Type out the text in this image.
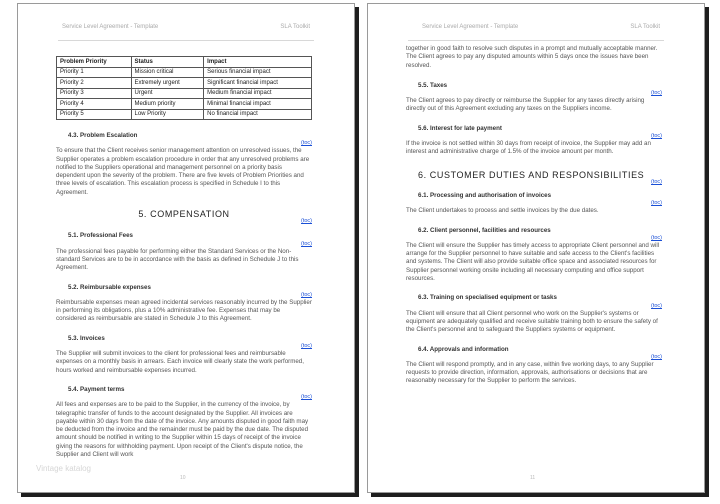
Service Level Agreement - Template	SLA Toolkit
Problem Priority	Status	Impact
Priority 1	Mission critical	Serious financial impact
Priority 2	Extremely urgent	Significant financial impact
Priority 3	Urgent	Medium financial impact
Priority 4	Medium priority	Minimal financial impact
Priority 5	Low Priority	No financial impact
4.3. Problem Escalation
(toc)

To ensure that the Client receives senior management attention on unresolved issues, the Supplier operates a problem escalation procedure in order that any unresolved problems are notified to the Suppliers operational and management personnel on a priority basis dependent upon the severity of the problem. There are five levels of Problem Priorities and three levels of escalation. This escalation process is specified in Schedule I to this Agreement.

5. COMPENSATION
(toc)
5.1. Professional Fees
(toc)

The professional fees payable for performing either the Standard Services or the Non-standard Services are to be in accordance with the basis as defined in Schedule J to this Agreement.

5.2. Reimbursable expenses
(toc)

Reimbursable expenses mean agreed incidental services reasonably incurred by the Supplier in performing its obligations, plus a 10% administrative fee. Expenses that may be considered as reimbursable are stated in Schedule J to this Agreement.

5.3. Invoices
(toc)

The Supplier will submit invoices to the client for professional fees and reimbursable expenses on a monthly basis in arrears. Each invoice will clearly state the work performed, hours worked and reimbursable expenses incurred.

5.4. Payment terms
(toc)

All fees and expenses are to be paid to the Supplier, in the currency of the invoice, by telegraphic transfer of funds to the account designated by the Supplier. All invoices are payable within 30 days from the date of the invoice. Any amounts disputed in good faith may be deducted from the invoice and the remainder must be paid by the due date. The disputed amount should be notified in writing to the Supplier within 15 days of receipt of the invoice giving the reasons for withholding payment. Upon receipt of the Client's dispute notice, the Supplier and Client will work

Vintage katalog
10
Service Level Agreement - Template	SLA Toolkit

together in good faith to resolve such disputes in a prompt and mutually acceptable manner. The Client agrees to pay any disputed amounts within 5 days once the issues have been resolved.

5.5. Taxes
(toc)

The Client agrees to pay directly or reimburse the Supplier for any taxes directly arising directly out of this Agreement excluding any taxes on the Suppliers income.

5.6. Interest for late payment
(toc)

If the invoice is not settled within 30 days from receipt of invoice, the Supplier may add an interest and administrative charge of 1.5% of the invoice amount per month.

6. CUSTOMER DUTIES AND RESPONSIBILITIES
(toc)
6.1. Processing and authorisation of invoices
(toc)

The Client undertakes to process and settle invoices by the due dates.

6.2. Client personnel, facilities and resources
(toc)

The Client will ensure the Supplier has timely access to appropriate Client personnel and will arrange for the Supplier personnel to have suitable and safe access to the Client's facilities and systems. The Client will also provide suitable office space and associated resources for Supplier personnel working onsite including all necessary computing and office support resources.

6.3. Training on specialised equipment or tasks
(toc)

The Client will ensure that all Client personnel who work on the Supplier's systems or equipment are adequately qualified and receive suitable training both to ensure the safety of the Client's personnel and to safeguard the Suppliers systems or equipment.

6.4. Approvals and information
(toc)

The Client will respond promptly, and in any case, within five working days, to any Supplier requests to provide direction, information, approvals, authorisations or decisions that are reasonably necessary for the Supplier to perform the services.

11
